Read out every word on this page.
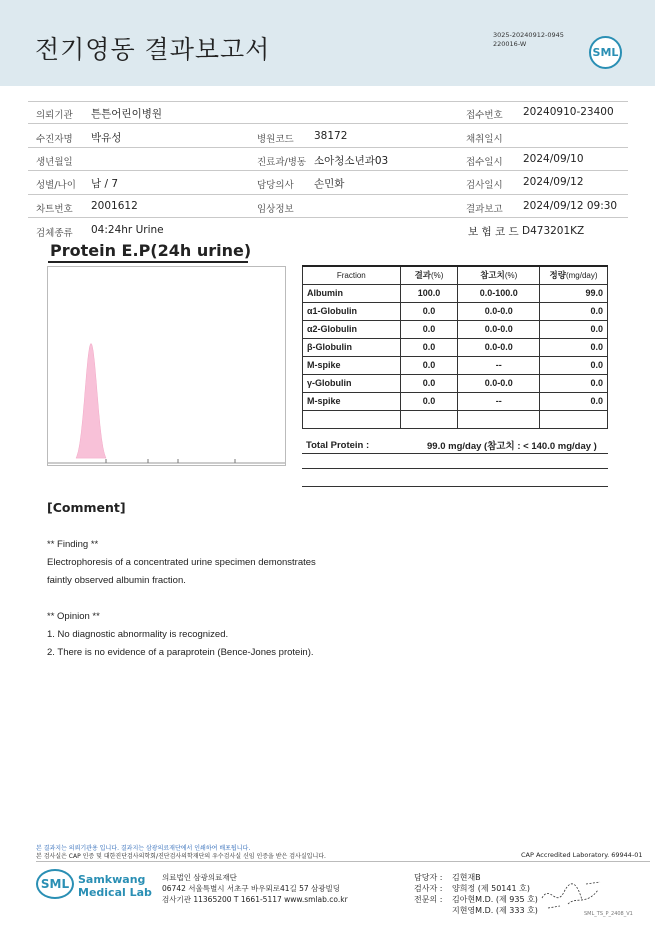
전기영동 결과보고서	3025-20240912-0945
220016-W
SML
의뢰기관 튼튼어린이병원	접수번호 20240910-23400
수진자명 박유성	병원코드 38172	채취일시
생년월일	진료과/병동 소아청소년과03	접수일시 2024/09/10
성별/나이 남 / 7	담당의사 손민화	검사일시 2024/09/12
차트번호 2001612	임상정보	결과보고 2024/09/12 09:30
검체종류 04:24hr Urine	보 험 코 드 D473201KZ
Protein E.P(24h urine)
Fraction	결과(%)	참고치(%)	정량(mg/day)
Albumin	100.0	0.0-100.0	99.0
α1-Globulin	0.0	0.0-0.0	0.0
α2-Globulin	0.0	0.0-0.0	0.0
β-Globulin	0.0	0.0-0.0	0.0
M-spike	0.0	--	0.0
γ-Globulin	0.0	0.0-0.0	0.0
M-spike	0.0	--	0.0

Total Protein :	99.0 mg/day (참고치 : < 140.0 mg/day )
[Comment]
** Finding **
Electrophoresis of a concentrated urine specimen demonstrates
faintly observed albumin fraction.
** Opinion **
1. No diagnostic abnormality is recognized.
2. There is no evidence of a paraprotein (Bence-Jones protein).
본 결과지는 의뢰기관용 입니다. 결과지는 삼광의료재단에서 인쇄하여 배포됩니다.
본 검사실은 CAP 인증 및 대한진단검사의학회/진단검사의학재단의 우수검사실 신임 인증을 받은 검사실입니다.	CAP Accredited Laboratory. 69944-01
SML Samkwang
Medical Lab
의료법인 삼광의료재단
06742 서울특별시 서초구 바우뫼로41길 57 삼광빌딩
검사기관 11365200 T 1661-5117 www.smlab.co.kr
담당자 : 김현재B
검사자 : 양희정 (제 50141 호)
전문의 : 김아현M.D. (제 935 호)
지현영M.D. (제 333 호)	SML_TS_P_2408_V1
